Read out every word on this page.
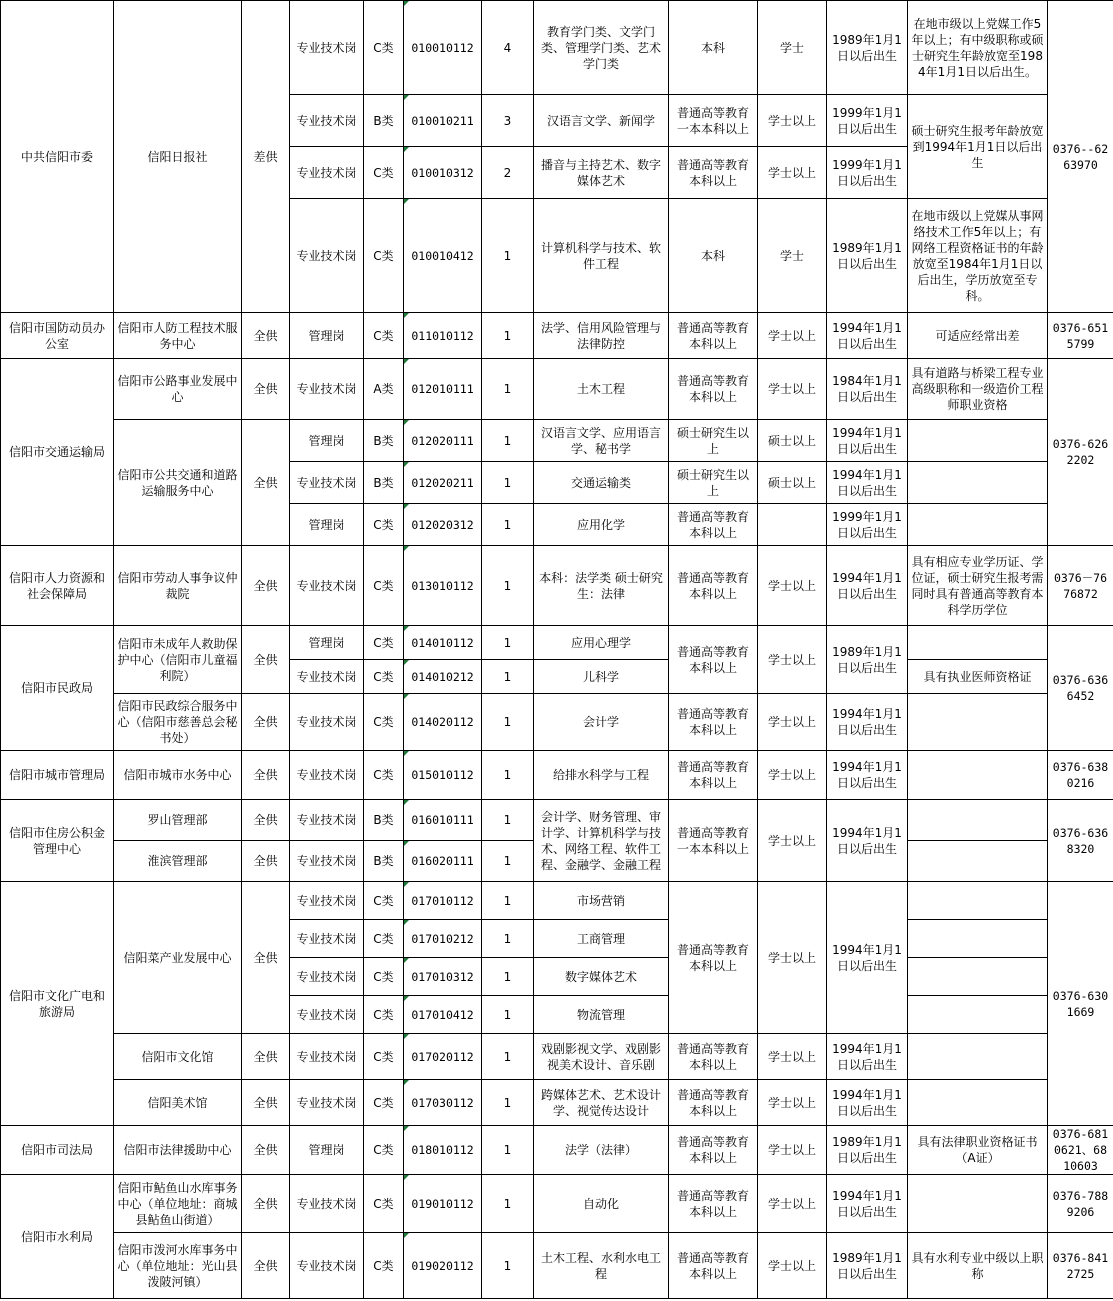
中共信阳市委	信阳日报社	差供	专业技术岗	C类	010010112	4	教育学门类、文学门类、管理学门类、艺术学门类	本科	学士	1989年1月1日以后出生	在地市级以上党媒工作5年以上；有中级职称或硕士研究生年龄放宽至1984年1月1日以后出生。	0376--6263970
			专业技术岗	B类	010010211	3	汉语言文学、新闻学	普通高等教育一本本科以上	学士以上	1999年1月1日以后出生	硕士研究生报考年龄放宽到1994年1月1日以后出生	
			专业技术岗	C类	010010312	2	播音与主持艺术、数字媒体艺术	普通高等教育本科以上	学士以上	1999年1月1日以后出生		
			专业技术岗	C类	010010412	1	计算机科学与技术、软件工程	本科	学士	1989年1月1日以后出生	在地市级以上党媒从事网络技术工作5年以上；有网络工程资格证书的年龄放宽至1984年1月1日以后出生，学历放宽至专科。	
信阳市国防动员办公室	信阳市人防工程技术服务中心	全供	管理岗	C类	011010112	1	法学、信用风险管理与法律防控	普通高等教育本科以上	学士以上	1994年1月1日以后出生	可适应经常出差	0376-6515799
信阳市交通运输局	信阳市公路事业发展中心	全供	专业技术岗	A类	012010111	1	土木工程	普通高等教育本科以上	学士以上	1984年1月1日以后出生	具有道路与桥梁工程专业高级职称和一级造价工程师职业资格	0376-6262202
	信阳市公共交通和道路运输服务中心	全供	管理岗	B类	012020111	1	汉语言文学、应用语言学、秘书学	硕士研究生以上	硕士以上	1994年1月1日以后出生		
			专业技术岗	B类	012020211	1	交通运输类	硕士研究生以上	硕士以上	1994年1月1日以后出生		
			管理岗	C类	012020312	1	应用化学	普通高等教育本科以上		1999年1月1日以后出生		
信阳市人力资源和社会保障局	信阳市劳动人事争议仲裁院	全供	专业技术岗	C类	013010112	1	本科：法学类 硕士研究生：法律	普通高等教育本科以上	学士以上	1994年1月1日以后出生	具有相应专业学历证、学位证，硕士研究生报考需同时具有普通高等教育本科学历学位	0376－7676872
信阳市民政局	信阳市未成年人救助保护中心（信阳市儿童福利院）	全供	管理岗	C类	014010112	1	应用心理学	普通高等教育本科以上	学士以上	1989年1月1日以后出生		0376-6366452
			专业技术岗	C类	014010212	1	儿科学				具有执业医师资格证	
	信阳市民政综合服务中心（信阳市慈善总会秘书处）	全供	专业技术岗	C类	014020112	1	会计学	普通高等教育本科以上	学士以上	1994年1月1日以后出生		
信阳市城市管理局	信阳市城市水务中心	全供	专业技术岗	C类	015010112	1	给排水科学与工程	普通高等教育本科以上	学士以上	1994年1月1日以后出生		0376-6380216
信阳市住房公积金管理中心	罗山管理部	全供	专业技术岗	B类	016010111	1	会计学、财务管理、审计学、计算机科学与技术、网络工程、软件工程、金融学、金融工程	普通高等教育一本本科以上	学士以上	1994年1月1日以后出生		0376-6368320
	淮滨管理部	全供	专业技术岗	B类	016020111	1						
信阳市文化广电和旅游局	信阳菜产业发展中心	全供	专业技术岗	C类	017010112	1	市场营销	普通高等教育本科以上	学士以上	1994年1月1日以后出生		0376-6301669
			专业技术岗	C类	017010212	1	工商管理					
			专业技术岗	C类	017010312	1	数字媒体艺术					
			专业技术岗	C类	017010412	1	物流管理					
	信阳市文化馆	全供	专业技术岗	C类	017020112	1	戏剧影视文学、戏剧影视美术设计、音乐剧	普通高等教育本科以上	学士以上	1994年1月1日以后出生		
	信阳美术馆	全供	专业技术岗	C类	017030112	1	跨媒体艺术、艺术设计学、视觉传达设计	普通高等教育本科以上	学士以上	1994年1月1日以后出生		
信阳市司法局	信阳市法律援助中心	全供	管理岗	C类	018010112	1	法学（法律）	普通高等教育本科以上	学士以上	1989年1月1日以后出生	具有法律职业资格证书（A证）	0376-6810621、6810603
信阳市水利局	信阳市鲇鱼山水库事务中心（单位地址：商城县鲇鱼山街道）	全供	专业技术岗	C类	019010112	1	自动化	普通高等教育本科以上	学士以上	1994年1月1日以后出生		0376-7889206
	信阳市泼河水库事务中心（单位地址：光山县泼陂河镇）	全供	专业技术岗	C类	019020112	1	土木工程、水利水电工程	普通高等教育本科以上	学士以上	1989年1月1日以后出生	具有水利专业中级以上职称	0376-8412725
